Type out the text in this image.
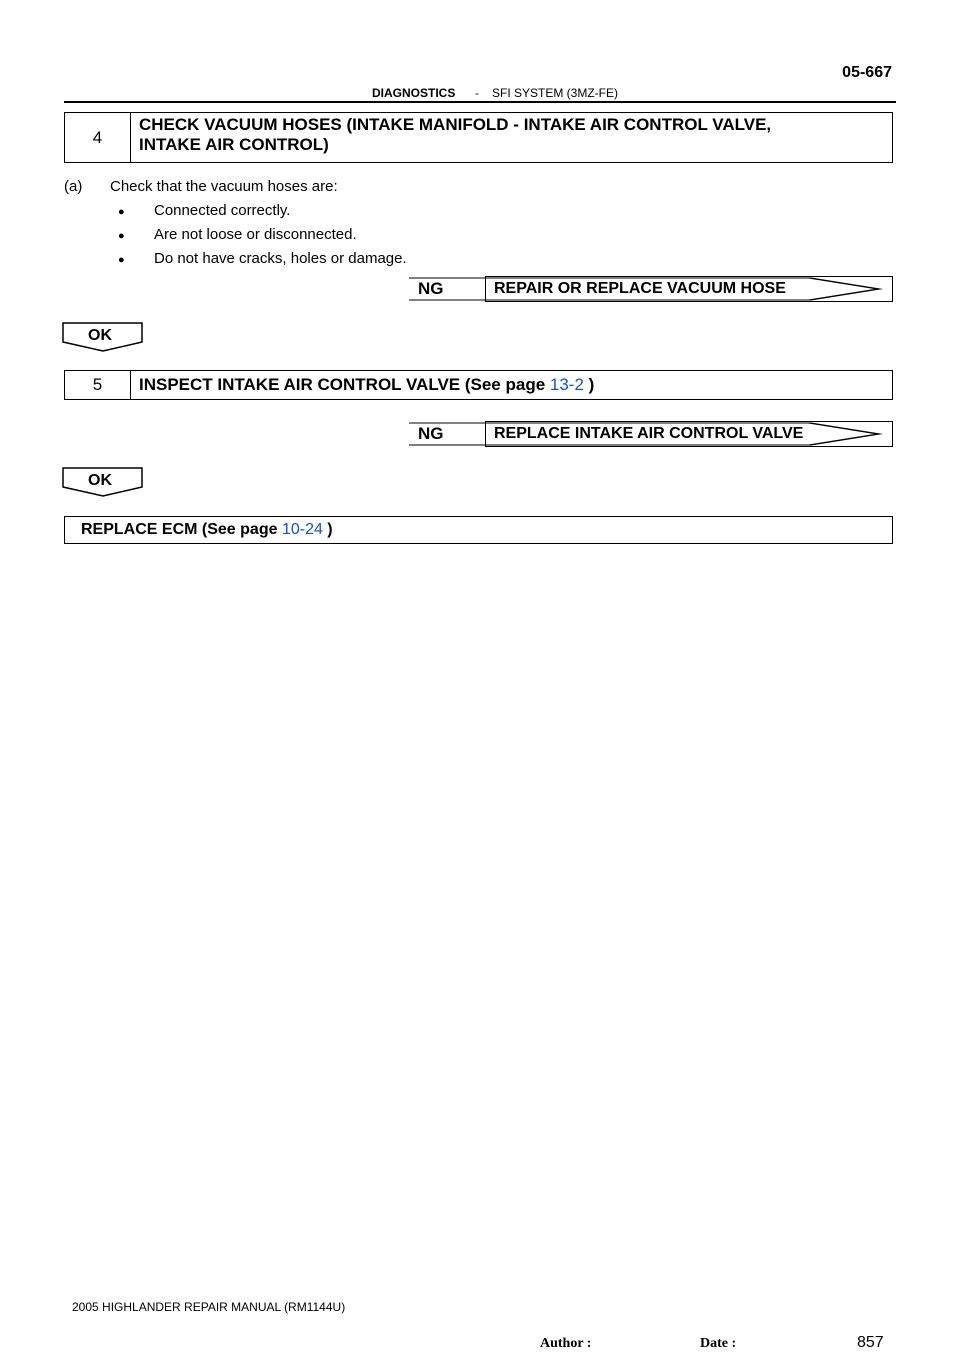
05-667
DIAGNOSTICS - SFI SYSTEM (3MZ-FE)
4
CHECK VACUUM HOSES (INTAKE MANIFOLD - INTAKE AIR CONTROL VALVE,
INTAKE AIR CONTROL)
(a) Check that the vacuum hoses are:
● Connected correctly.
● Are not loose or disconnected.
● Do not have cracks, holes or damage.
NG	REPAIR OR REPLACE VACUUM HOSE
OK
5	INSPECT INTAKE AIR CONTROL VALVE (See page 13-2 )
NG	REPLACE INTAKE AIR CONTROL VALVE
OK
REPLACE ECM (See page 10-24 )
2005 HIGHLANDER REPAIR MANUAL (RM1144U)
Author :	Date :	857
